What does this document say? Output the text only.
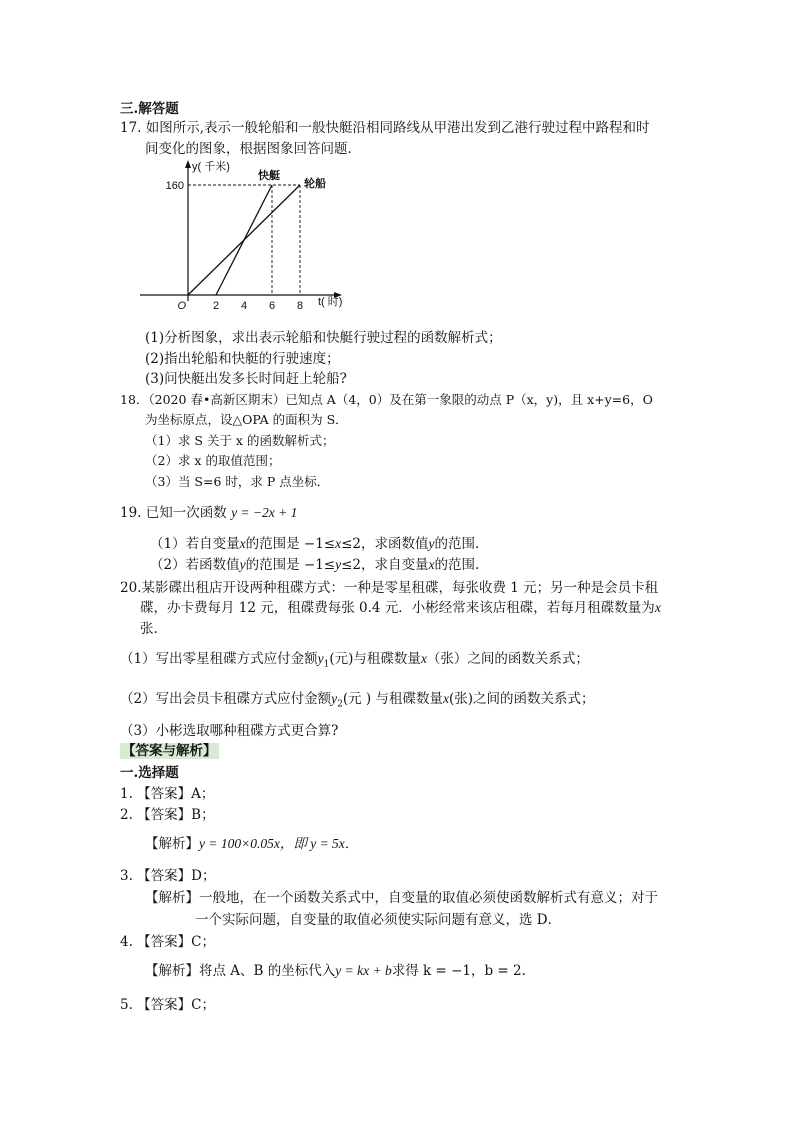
三.解答题
17. 如图所示,表示一般轮船和一般快艇沿相同路线从甲港出发到乙港行驶过程中路程和时
间变化的图象，根据图象回答问题．
y( 千米)
t( 时)
O 2 4 6 8
160
快艇
轮船
(1)分析图象，求出表示轮船和快艇行驶过程的函数解析式；
(2)指出轮船和快艇的行驶速度；
(3)问快艇出发多长时间赶上轮船?
18．（2020 春•高新区期末）已知点 A（4，0）及在第一象限的动点 P（x，y)，且 x+y=6，O
为坐标原点，设△OPA 的面积为 S．
（1）求 S 关于 x 的函数解析式；
（2）求 x 的取值范围；
（3）当 S=6 时，求 P 点坐标．
19. 已知一次函数 y = −2x + 1
（1）若自变量x的范围是 −1≤x≤2，求函数值y的范围.
（2）若函数值y的范围是 −1≤y≤2，求自变量x的范围.
20.某影碟出租店开设两种租碟方式：一种是零星租碟，每张收费 1 元；另一种是会员卡租
碟，办卡费每月 12 元，租碟费每张 0.4 元．小彬经常来该店租碟，若每月租碟数量为x
张.
（1）写出零星租碟方式应付金额$y_1$(元)与租碟数量x（张）之间的函数关系式；
（2）写出会员卡租碟方式应付金额$y_2$(元 ) 与租碟数量x(张)之间的函数关系式；
（3）小彬选取哪种租碟方式更合算?
【答案与解析】
一.选择题
1. 【答案】A；
2. 【答案】B；
【解析】y = 100×0.05x，即 y = 5x．
3. 【答案】D；
【解析】一般地，在一个函数关系式中，自变量的取值必须使函数解析式有意义；对于
一个实际问题，自变量的取值必须使实际问题有意义，选 D．
4. 【答案】C；
【解析】将点 A、B 的坐标代入y = kx + b求得 k = −1，b = 2.
5. 【答案】C；
